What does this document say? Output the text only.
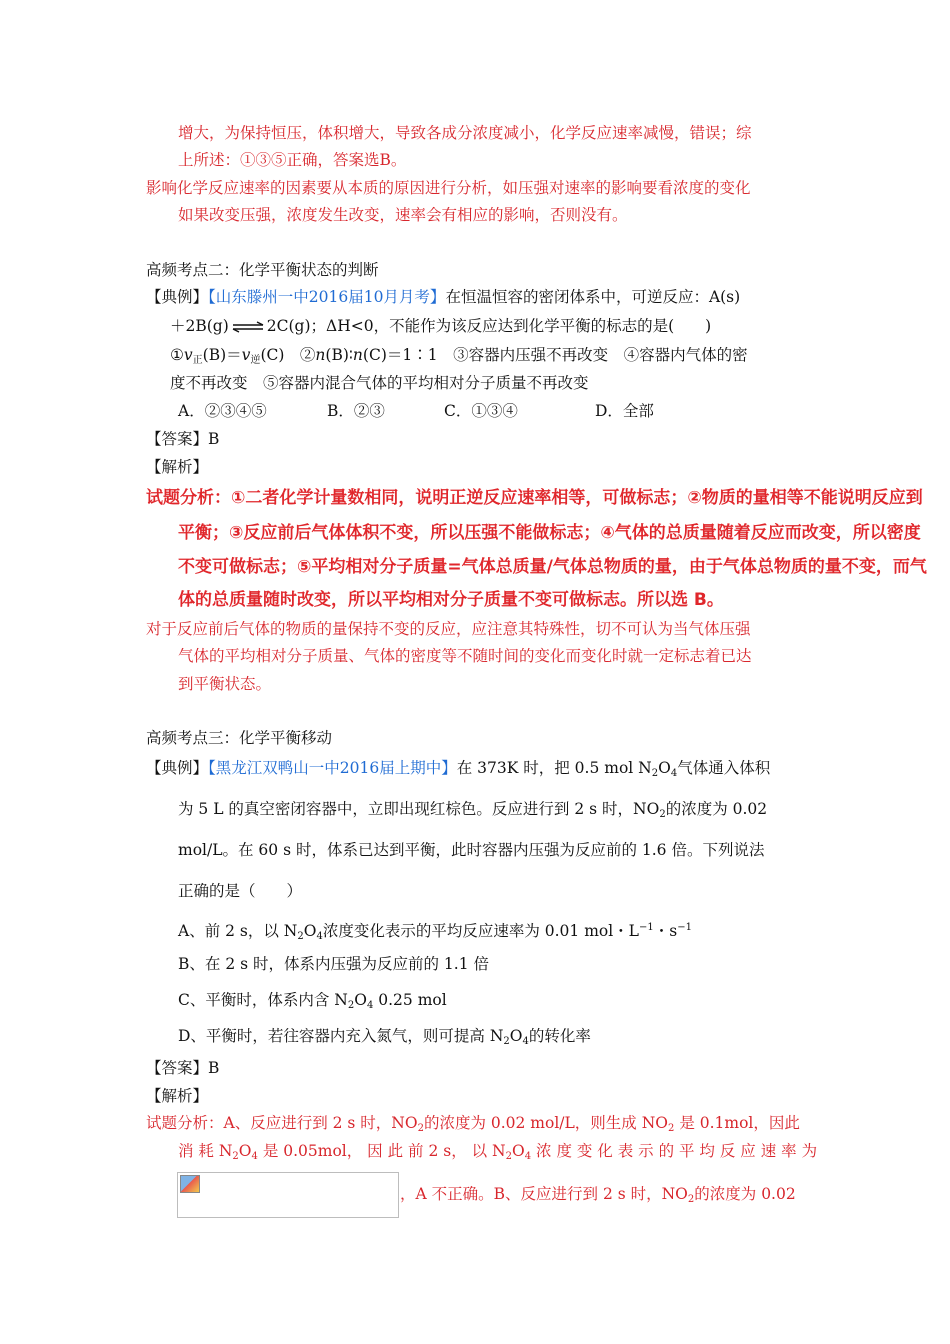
增大，为保持恒压，体积增大，导致各成分浓度减小，化学反应速率减慢，错误；综
上所述：①③⑤正确，答案选B。
影响化学反应速率的因素要从本质的原因进行分析，如压强对速率的影响要看浓度的变化
如果改变压强，浓度发生改变，速率会有相应的影响，否则没有。
高频考点二：化学平衡状态的判断
【典例】【山东滕州一中2016届10月月考】在恒温恒容的密闭体系中，可逆反应：A(s)
＋2B(g) ⇌ 2C(g)；ΔH<0，不能作为该反应达到化学平衡的标志的是(　　)
$①v_正(B)=v_逆(C)$　②n(B)∶n(C)＝1∶1　③容器内压强不再改变　④容器内气体的密
度不再改变　⑤容器内混合气体的平均相对分子质量不再改变
A．②③④⑤	B．②③	C．①③④	D．全部
【答案】B
【解析】
试题分析：①二者化学计量数相同，说明正逆反应速率相等，可做标志；②物质的量相等不能说明反应到
平衡；③反应前后气体体积不变，所以压强不能做标志；④气体的总质量随着反应而改变，所以密度
不变可做标志；⑤平均相对分子质量=气体总质量/气体总物质的量，由于气体总物质的量不变，而气
体的总质量随时改变，所以平均相对分子质量不变可做标志。所以选 B。
对于反应前后气体的物质的量保持不变的反应，应注意其特殊性，切不可认为当气体压强
气体的平均相对分子质量、气体的密度等不随时间的变化而变化时就一定标志着已达
到平衡状态。
高频考点三：化学平衡移动
【典例】【黑龙江双鸭山一中2016届上期中】在 373K 时，把 0.5 mol $N_2O_4$气体通入体积
为 5 L 的真空密闭容器中，立即出现红棕色。反应进行到 2 s 时，$NO_2$的浓度为 0.02
mol/L。在 60 s 时，体系已达到平衡，此时容器内压强为反应前的 1.6 倍。下列说法
正确的是（　　）
A、前 2 s，以 $N_2O_4$浓度变化表示的平均反应速率为 0.01 mol・$L^{-1}$・$s^{-1}$
B、在 2 s 时，体系内压强为反应前的 1.1 倍
C、平衡时，体系内含 $N_2O_4$ 0.25 mol
D、平衡时，若往容器内充入氮气，则可提高 $N_2O_4$的转化率
【答案】B
【解析】
试题分析：A、反应进行到 2 s 时，$NO_2$的浓度为 0.02 mol/L，则生成 $NO_2$ 是 0.1mol，因此
消 耗 $N_2O_4$ 是 0.05mol， 因 此 前 2 s， 以 $N_2O_4$ 浓 度 变 化 表 示 的 平 均 反 应 速 率 为
，A 不正确。B、反应进行到 2 s 时，$NO_2$的浓度为 0.02
